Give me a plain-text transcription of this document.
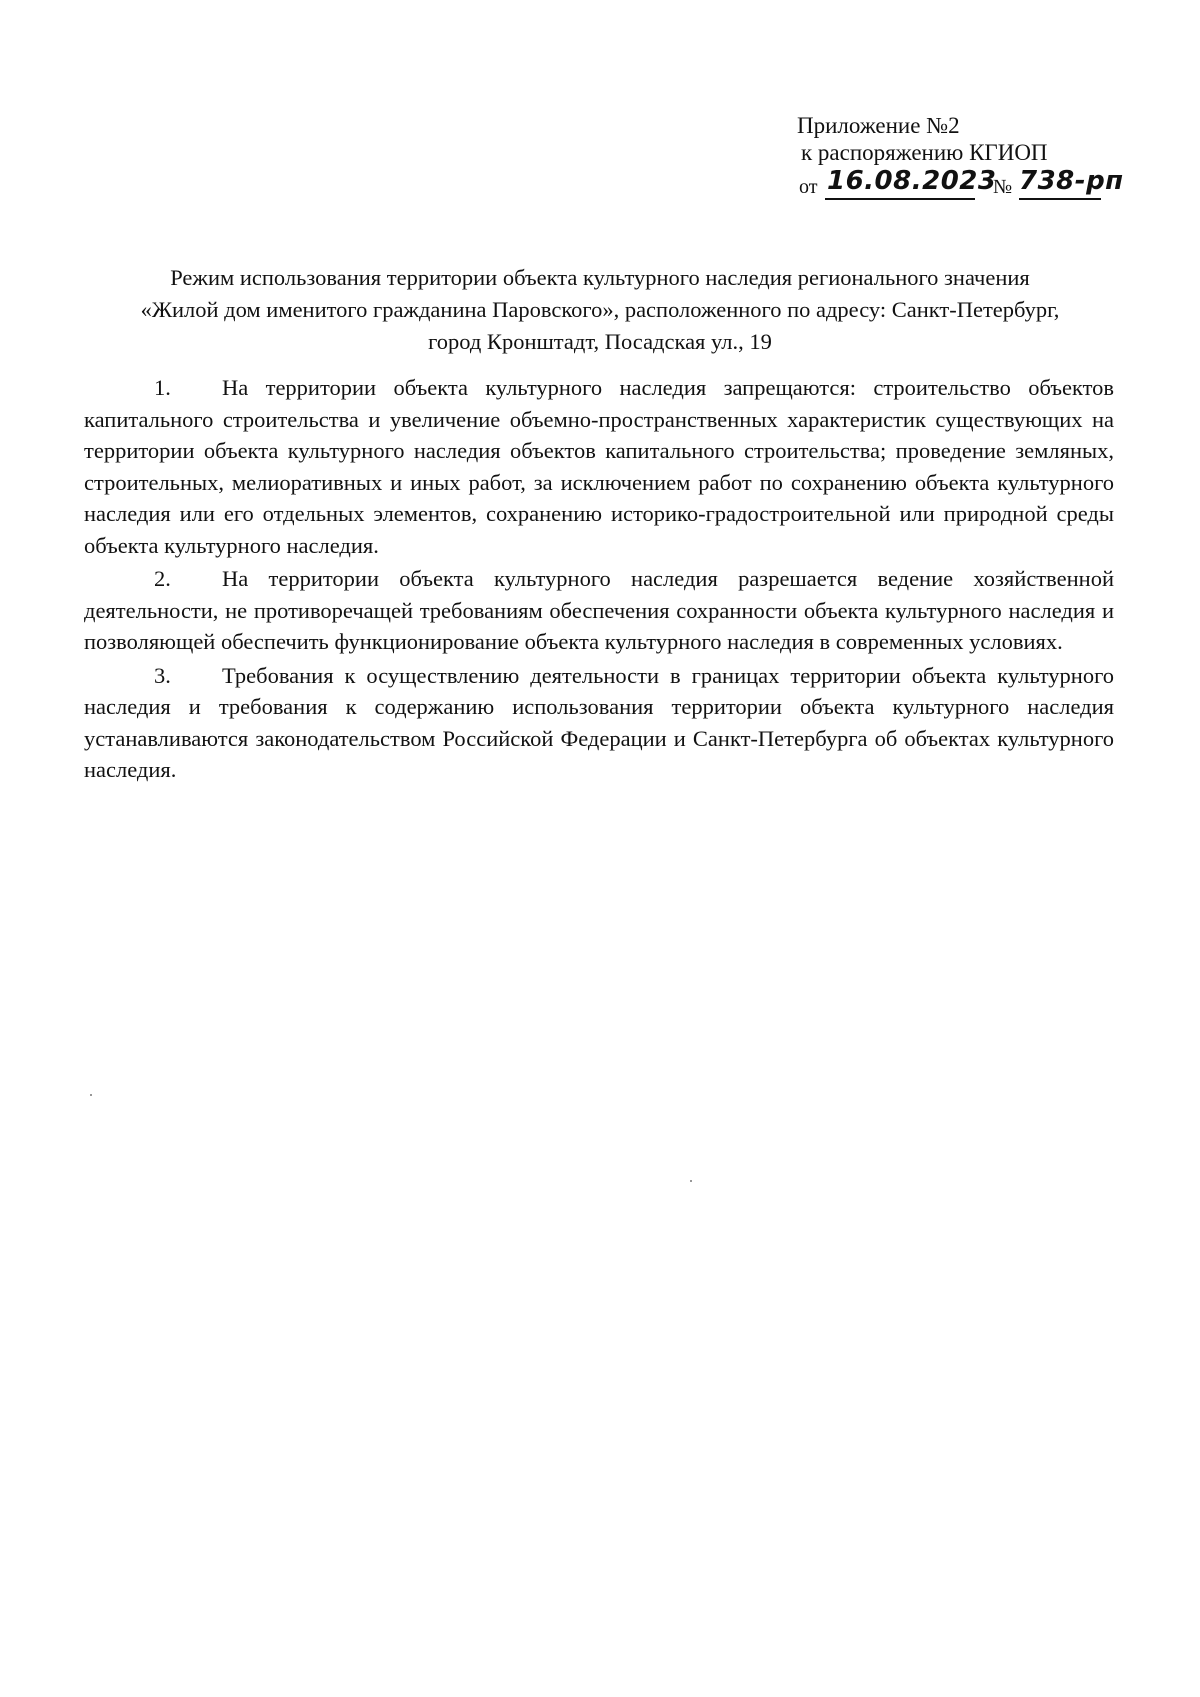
Приложение №2
к распоряжению КГИОП
от 16.08.2023
№ 738-рп
Режим использования территории объекта культурного наследия регионального значения
«Жилой дом именитого гражданина Паровского», расположенного по адресу: Санкт-Петербург,
город Кронштадт, Посадская ул., 19

1. На территории объекта культурного наследия запрещаются: строительство объектов капитального строительства и увеличение объемно-пространственных характеристик существующих на территории объекта культурного наследия объектов капитального строительства; проведение земляных, строительных, мелиоративных и иных работ, за исключением работ по сохранению объекта культурного наследия или его отдельных элементов, сохранению историко-градостроительной или природной среды объекта культурного наследия.

2. На территории объекта культурного наследия разрешается ведение хозяйственной деятельности, не противоречащей требованиям обеспечения сохранности объекта культурного наследия и позволяющей обеспечить функционирование объекта культурного наследия в современных условиях.

3. Требования к осуществлению деятельности в границах территории объекта культурного наследия и требования к содержанию использования территории объекта культурного наследия устанавливаются законодательством Российской Федерации и Санкт-Петербурга об объектах культурного наследия.
